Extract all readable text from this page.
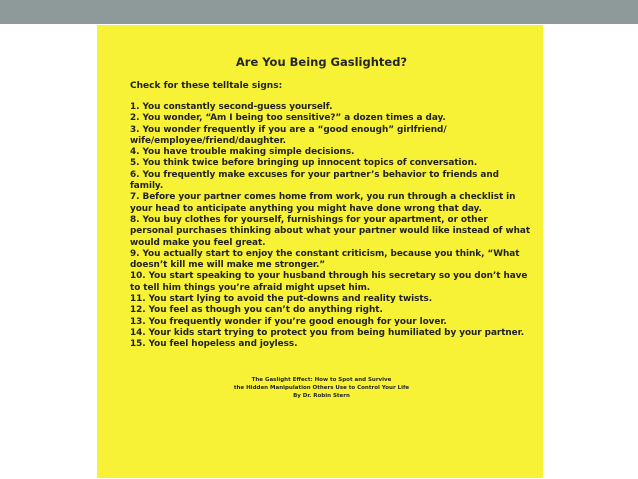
Are You Being Gaslighted?
Check for these telltale signs:
1. You constantly second-guess yourself.
2. You wonder, “Am I being too sensitive?” a dozen times a day.
3. You wonder frequently if you are a “good enough” girlfriend/ wife/employee/friend/daughter.
4. You have trouble making simple decisions.
5. You think twice before bringing up innocent topics of conversation.
6. You frequently make excuses for your partner’s behavior to friends and family.
7. Before your partner comes home from work, you run through a checklist in your head to anticipate anything you might have done wrong that day.
8. You buy clothes for yourself, furnishings for your apartment, or other personal purchases thinking about what your partner would like instead of what would make you feel great.
9. You actually start to enjoy the constant criticism, because you think, “What doesn’t kill me will make me stronger.”
10. You start speaking to your husband through his secretary so you don’t have to tell him things you’re afraid might upset him.
11. You start lying to avoid the put-downs and reality twists.
12. You feel as though you can’t do anything right.
13. You frequently wonder if you’re good enough for your lover.
14. Your kids start trying to protect you from being humiliated by your partner.
15. You feel hopeless and joyless.
The Gaslight Effect: How to Spot and Survive
the Hidden Manipulation Others Use to Control Your Life
By Dr. Robin Stern
